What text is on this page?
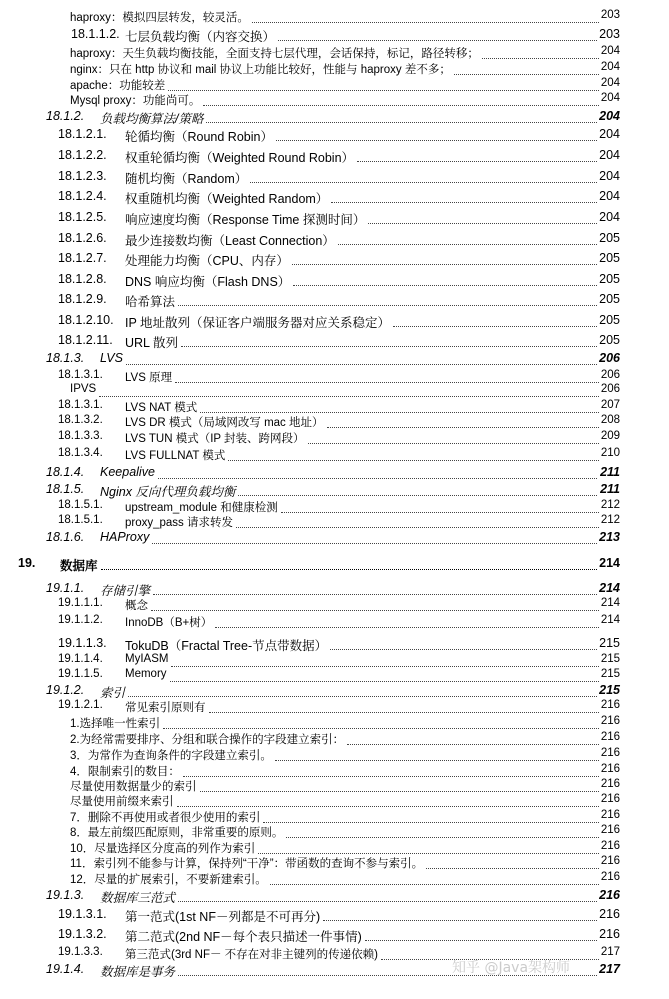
haproxy：模拟四层转发，较灵活。	203
18.1.1.2. 七层负载均衡（内容交换）	203
haproxy：天生负载均衡技能，全面支持七层代理，会话保持，标记，路径转移；	204
nginx：只在 http 协议和 mail 协议上功能比较好，性能与 haproxy 差不多；	204
apache：功能较差	204
Mysql proxy：功能尚可。	204
18.1.2. 负载均衡算法/策略	204
18.1.2.1. 轮循均衡（Round Robin）	204
18.1.2.2. 权重轮循均衡（Weighted Round Robin）	204
18.1.2.3. 随机均衡（Random）	204
18.1.2.4. 权重随机均衡（Weighted Random）	204
18.1.2.5. 响应速度均衡（Response Time 探测时间）	204
18.1.2.6. 最少连接数均衡（Least Connection）	205
18.1.2.7. 处理能力均衡（CPU、内存）	205
18.1.2.8. DNS 响应均衡（Flash DNS）	205
18.1.2.9. 哈希算法	205
18.1.2.10. IP 地址散列（保证客户端服务器对应关系稳定）	205
18.1.2.11. URL 散列	205
18.1.3. LVS	206
18.1.3.1. LVS 原理	206
IPVS	206
18.1.3.1. LVS NAT 模式	207
18.1.3.2. LVS DR 模式（局域网改写 mac 地址）	208
18.1.3.3. LVS TUN 模式（IP 封装、跨网段）	209
18.1.3.4. LVS FULLNAT 模式	210
18.1.4. Keepalive	211
18.1.5. Nginx 反向代理负载均衡	211
18.1.5.1. upstream_module 和健康检测	212
18.1.5.1. proxy_pass 请求转发	212
18.1.6. HAProxy	213
19. 数据库	214
19.1.1. 存储引擎	214
19.1.1.1. 概念	214
19.1.1.2. InnoDB（B+树）	214
19.1.1.3. TokuDB（Fractal Tree-节点带数据）	215
19.1.1.4. MyIASM	215
19.1.1.5. Memory	215
19.1.2. 索引	215
19.1.2.1. 常见索引原则有	216
1.选择唯一性索引	216
2.为经常需要排序、分组和联合操作的字段建立索引：	216
3．为常作为查询条件的字段建立索引。	216
4．限制索引的数目：	216
尽量使用数据量少的索引	216
尽量使用前缀来索引	216
7．删除不再使用或者很少使用的索引	216
8．最左前缀匹配原则，非常重要的原则。	216
10．尽量选择区分度高的列作为索引	216
11．索引列不能参与计算，保持列“干净”：带函数的查询不参与索引。	216
12．尽量的扩展索引，不要新建索引。	216
19.1.3. 数据库三范式	216
19.1.3.1. 第一范式(1st NF－列都是不可再分)	216
19.1.3.2. 第二范式(2nd NF－每个表只描述一件事情)	216
19.1.3.3. 第三范式(3rd NF－ 不存在对非主键列的传递依赖)	217
19.1.4. 数据库是事务	217
知乎 @Java架构师
